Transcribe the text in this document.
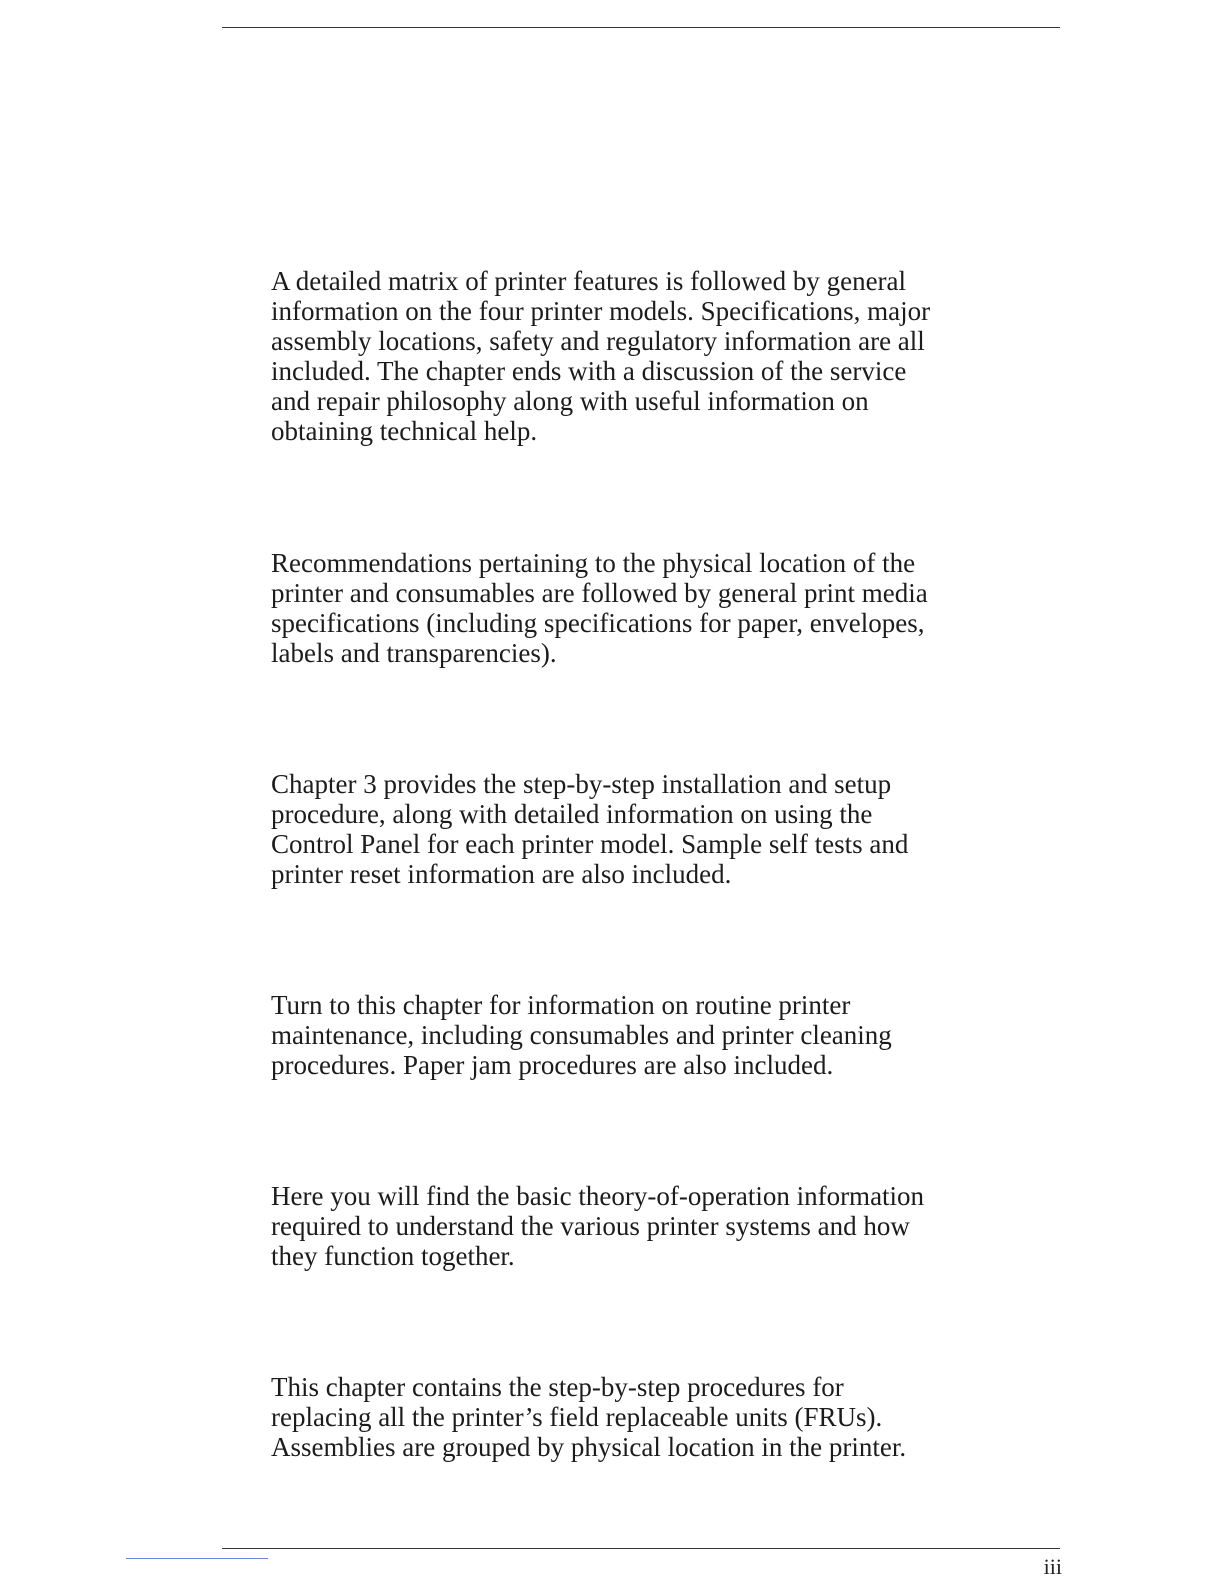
A detailed matrix of printer features is followed by general
information on the four printer models. Specifications, major
assembly locations, safety and regulatory information are all
included. The chapter ends with a discussion of the service
and repair philosophy along with useful information on
obtaining technical help.

Recommendations pertaining to the physical location of the
printer and consumables are followed by general print media
specifications (including specifications for paper, envelopes,
labels and transparencies).

Chapter 3 provides the step-by-step installation and setup
procedure, along with detailed information on using the
Control Panel for each printer model. Sample self tests and
printer reset information are also included.

Turn to this chapter for information on routine printer
maintenance, including consumables and printer cleaning
procedures. Paper jam procedures are also included.

Here you will find the basic theory-of-operation information
required to understand the various printer systems and how
they function together.

This chapter contains the step-by-step procedures for
replacing all the printer’s field replaceable units (FRUs).
Assemblies are grouped by physical location in the printer.

iii
